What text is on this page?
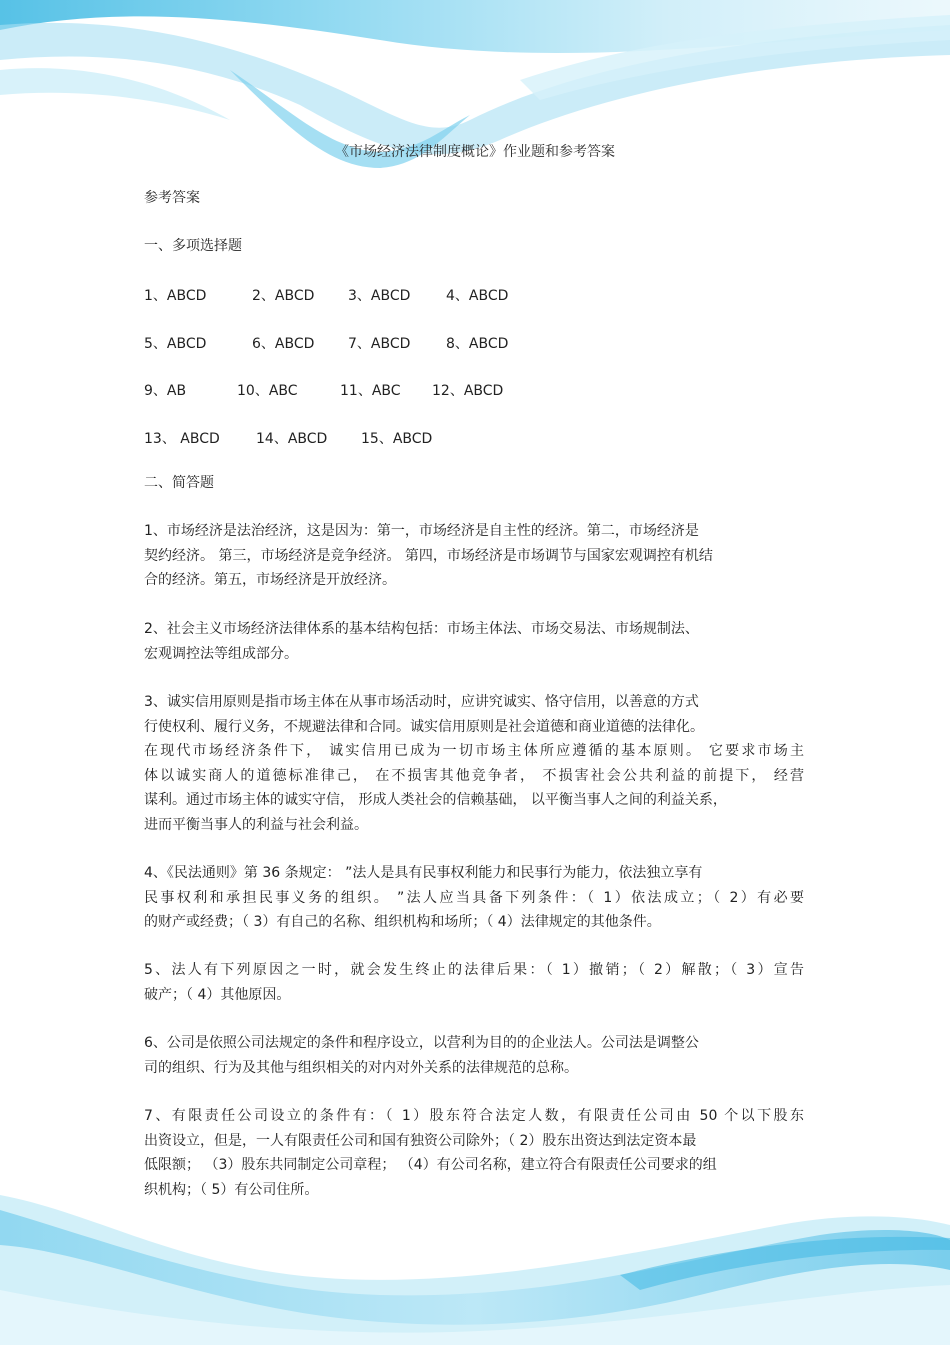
《市场经济法律制度概论》作业题和参考答案
参考答案
一、多项选择题
1、ABCD	2、ABCD 3、ABCD	4、ABCD
5、ABCD	6、ABCD 7、ABCD	8、ABCD
9、AB	10、ABC	11、ABC 12、ABCD
13、 ABCD	14、ABCD 15、ABCD
二、简答题
1、市场经济是法治经济，这是因为：第一，市场经济是自主性的经济。第二，市场经济是
契约经济。 第三，市场经济是竞争经济。 第四，市场经济是市场调节与国家宏观调控有机结
合的经济。第五，市场经济是开放经济。
2、社会主义市场经济法律体系的基本结构包括：市场主体法、市场交易法、市场规制法、
宏观调控法等组成部分。
3、诚实信用原则是指市场主体在从事市场活动时，应讲究诚实、恪守信用，以善意的方式
行使权利、履行义务，不规避法律和合同。诚实信用原则是社会道德和商业道德的法律化。
在现代市场经济条件下， 诚实信用已成为一切市场主体所应遵循的基本原则。 它要求市场主
体以诚实商人的道德标准律己， 在不损害其他竞争者， 不损害社会公共利益的前提下， 经营
谋利。通过市场主体的诚实守信， 形成人类社会的信赖基础， 以平衡当事人之间的利益关系，
进而平衡当事人的利益与社会利益。
4、《民法通则》第 36 条规定： ”法人是具有民事权利能力和民事行为能力，依法独立享有
民事权利和承担民事义务的组织。 ”法人应当具备下列条件：（ 1）依法成立；（ 2）有必要
的财产或经费；（ 3）有自己的名称、组织机构和场所；（ 4）法律规定的其他条件。
5、法人有下列原因之一时，就会发生终止的法律后果：（ 1）撤销；（ 2）解散；（ 3）宣告
破产；（ 4）其他原因。
6、公司是依照公司法规定的条件和程序设立，以营利为目的的企业法人。公司法是调整公
司的组织、行为及其他与组织相关的对内对外关系的法律规范的总称。
7、有限责任公司设立的条件有：（ 1）股东符合法定人数，有限责任公司由 50 个以下股东
出资设立，但是，一人有限责任公司和国有独资公司除外；（ 2）股东出资达到法定资本最
低限额； （3）股东共同制定公司章程； （4）有公司名称，建立符合有限责任公司要求的组
织机构；（ 5）有公司住所。
